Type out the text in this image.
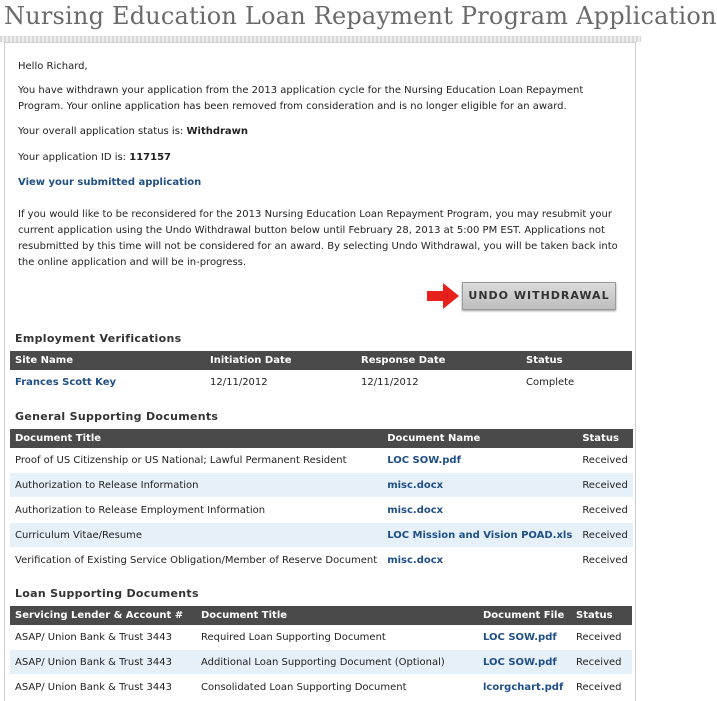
Nursing Education Loan Repayment Program Application
Hello Richard,
You have withdrawn your application from the 2013 application cycle for the Nursing Education Loan Repayment Program. Your online application has been removed from consideration and is no longer eligible for an award.
Your overall application status is: Withdrawn
Your application ID is: 117157
View your submitted application
If you would like to be reconsidered for the 2013 Nursing Education Loan Repayment Program, you may resubmit your current application using the Undo Withdrawal button below until February 28, 2013 at 5:00 PM EST. Applications not resubmitted by this time will not be considered for an award. By selecting Undo Withdrawal, you will be taken back into the online application and will be in-progress.
UNDO WITHDRAWAL
Employment Verifications
Site Name	Initiation Date	Response Date	Status
Frances Scott Key	12/11/2012	12/11/2012	Complete
General Supporting Documents
Document Title	Document Name	Status
Proof of US Citizenship or US National; Lawful Permanent Resident	LOC SOW.pdf	Received
Authorization to Release Information	misc.docx	Received
Authorization to Release Employment Information	misc.docx	Received
Curriculum Vitae/Resume	LOC Mission and Vision POAD.xls	Received
Verification of Existing Service Obligation/Member of Reserve Document	misc.docx	Received
Loan Supporting Documents
Servicing Lender & Account #	Document Title	Document File	Status
ASAP/ Union Bank & Trust 3443	Required Loan Supporting Document	LOC SOW.pdf	Received
ASAP/ Union Bank & Trust 3443	Additional Loan Supporting Document (Optional)	LOC SOW.pdf	Received
ASAP/ Union Bank & Trust 3443	Consolidated Loan Supporting Document	lcorgchart.pdf	Received
